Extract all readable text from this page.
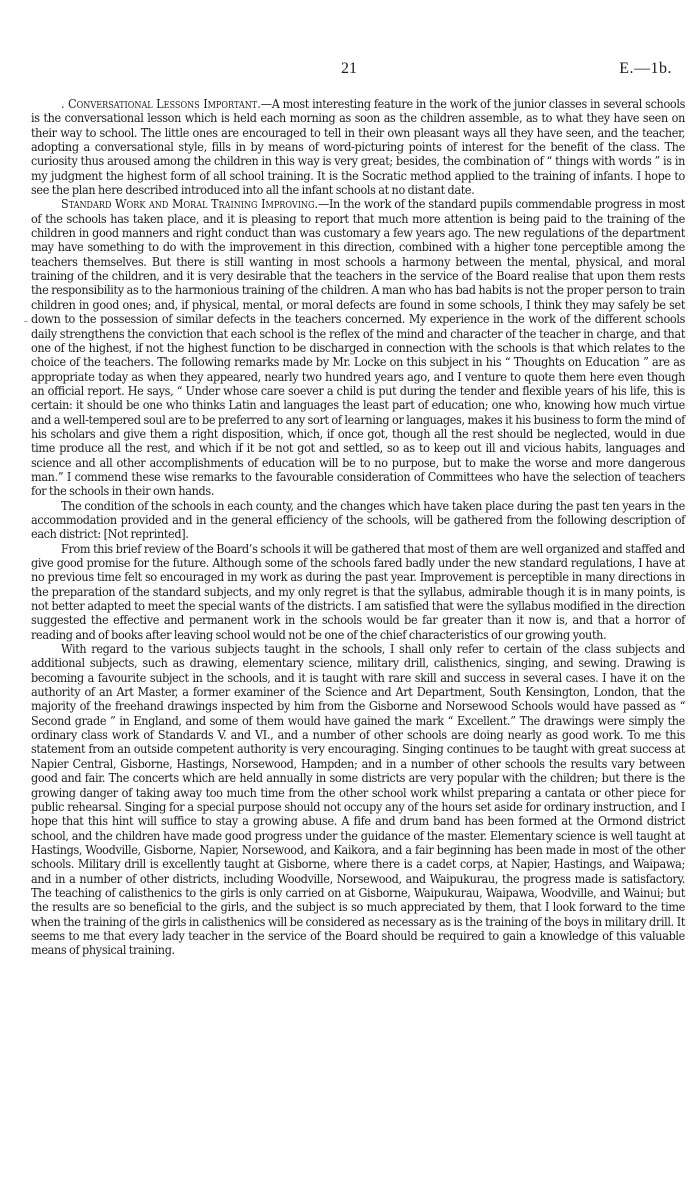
21	E.—1b.
-

. Conversational Lessons Important.—A most interesting feature in the work of the junior classes in several schools is the conversational lesson which is held each morning as soon as the children assemble, as to what they have seen on their way to school. The little ones are encouraged to tell in their own pleasant ways all they have seen, and the teacher, adopting a conversational style, fills in by means of word-picturing points of interest for the benefit of the class. The curiosity thus aroused among the children in this way is very great; besides, the combination of “ things with words ” is in my judgment the highest form of all school training. It is the Socratic method applied to the training of infants. I hope to see the plan here described introduced into all the infant schools at no distant date.

Standard Work and Moral Training Improving.—In the work of the standard pupils commendable progress in most of the schools has taken place, and it is pleasing to report that much more attention is being paid to the training of the children in good manners and right conduct than was customary a few years ago. The new regulations of the department may have something to do with the improvement in this direction, combined with a higher tone perceptible among the teachers themselves. But there is still wanting in most schools a harmony between the mental, physical, and moral training of the children, and it is very desirable that the teachers in the service of the Board realise that upon them rests the responsibility as to the harmonious training of the children. A man who has bad habits is not the proper person to train children in good ones; and, if physical, mental, or moral defects are found in some schools, I think they may safely be set down to the possession of similar defects in the teachers concerned. My experience in the work of the different schools daily strengthens the conviction that each school is the reflex of the mind and character of the teacher in charge, and that one of the highest, if not the highest function to be discharged in connection with the schools is that which relates to the choice of the teachers. The following remarks made by Mr. Locke on this subject in his “ Thoughts on Education ” are as appropriate today as when they appeared, nearly two hundred years ago, and I venture to quote them here even though an official report. He says, “ Under whose care soever a child is put during the tender and flexible years of his life, this is certain: it should be one who thinks Latin and languages the least part of education; one who, knowing how much virtue and a well-tempered soul are to be preferred to any sort of learning or languages, makes it his business to form the mind of his scholars and give them a right disposition, which, if once got, though all the rest should be neglected, would in due time produce all the rest, and which if it be not got and settled, so as to keep out ill and vicious habits, languages and science and all other accomplishments of education will be to no purpose, but to make the worse and more dangerous man.” I commend these wise remarks to the favourable consideration of Committees who have the selection of teachers for the schools in their own hands.

The condition of the schools in each county, and the changes which have taken place during the past ten years in the accommodation provided and in the general efficiency of the schools, will be gathered from the following description of each district: [Not reprinted].

From this brief review of the Board’s schools it will be gathered that most of them are well organized and staffed and give good promise for the future. Although some of the schools fared badly under the new standard regulations, I have at no previous time felt so encouraged in my work as during the past year. Improvement is perceptible in many directions in the preparation of the standard subjects, and my only regret is that the syllabus, admirable though it is in many points, is not better adapted to meet the special wants of the districts. I am satisfied that were the syllabus modified in the direction suggested the effective and permanent work in the schools would be far greater than it now is, and that a horror of reading and of books after leaving school would not be one of the chief characteristics of our growing youth.

With regard to the various subjects taught in the schools, I shall only refer to certain of the class subjects and additional subjects, such as drawing, elementary science, military drill, calisthenics, singing, and sewing. Drawing is becoming a favourite subject in the schools, and it is taught with rare skill and success in several cases. I have it on the authority of an Art Master, a former examiner of the Science and Art Department, South Kensington, London, that the majority of the freehand drawings inspected by him from the Gisborne and Norsewood Schools would have passed as “ Second grade ” in England, and some of them would have gained the mark “ Excellent.” The drawings were simply the ordinary class work of Standards V. and VI., and a number of other schools are doing nearly as good work. To me this statement from an outside competent authority is very encouraging. Singing continues to be taught with great success at Napier Central, Gisborne, Hastings, Norsewood, Hampden; and in a number of other schools the results vary between good and fair. The concerts which are held annually in some districts are very popular with the children; but there is the growing danger of taking away too much time from the other school work whilst preparing a cantata or other piece for public rehearsal. Singing for a special purpose should not occupy any of the hours set aside for ordinary instruction, and I hope that this hint will suffice to stay a growing abuse. A fife and drum band has been formed at the Ormond district school, and the children have made good progress under the guidance of the master. Elementary science is well taught at Hastings, Woodville, Gisborne, Napier, Norsewood, and Kaikora, and a fair beginning has been made in most of the other schools. Military drill is excellently taught at Gisborne, where there is a cadet corps, at Napier, Hastings, and Waipawa; and in a number of other districts, including Woodville, Norsewood, and Waipukurau, the progress made is satisfactory. The teaching of calisthenics to the girls is only carried on at Gisborne, Waipukurau, Waipawa, Woodville, and Wainui; but the results are so beneficial to the girls, and the subject is so much appreciated by them, that I look forward to the time when the training of the girls in calisthenics will be considered as necessary as is the training of the boys in military drill. It seems to me that every lady teacher in the service of the Board should be required to gain a knowledge of this valuable means of physical training.
